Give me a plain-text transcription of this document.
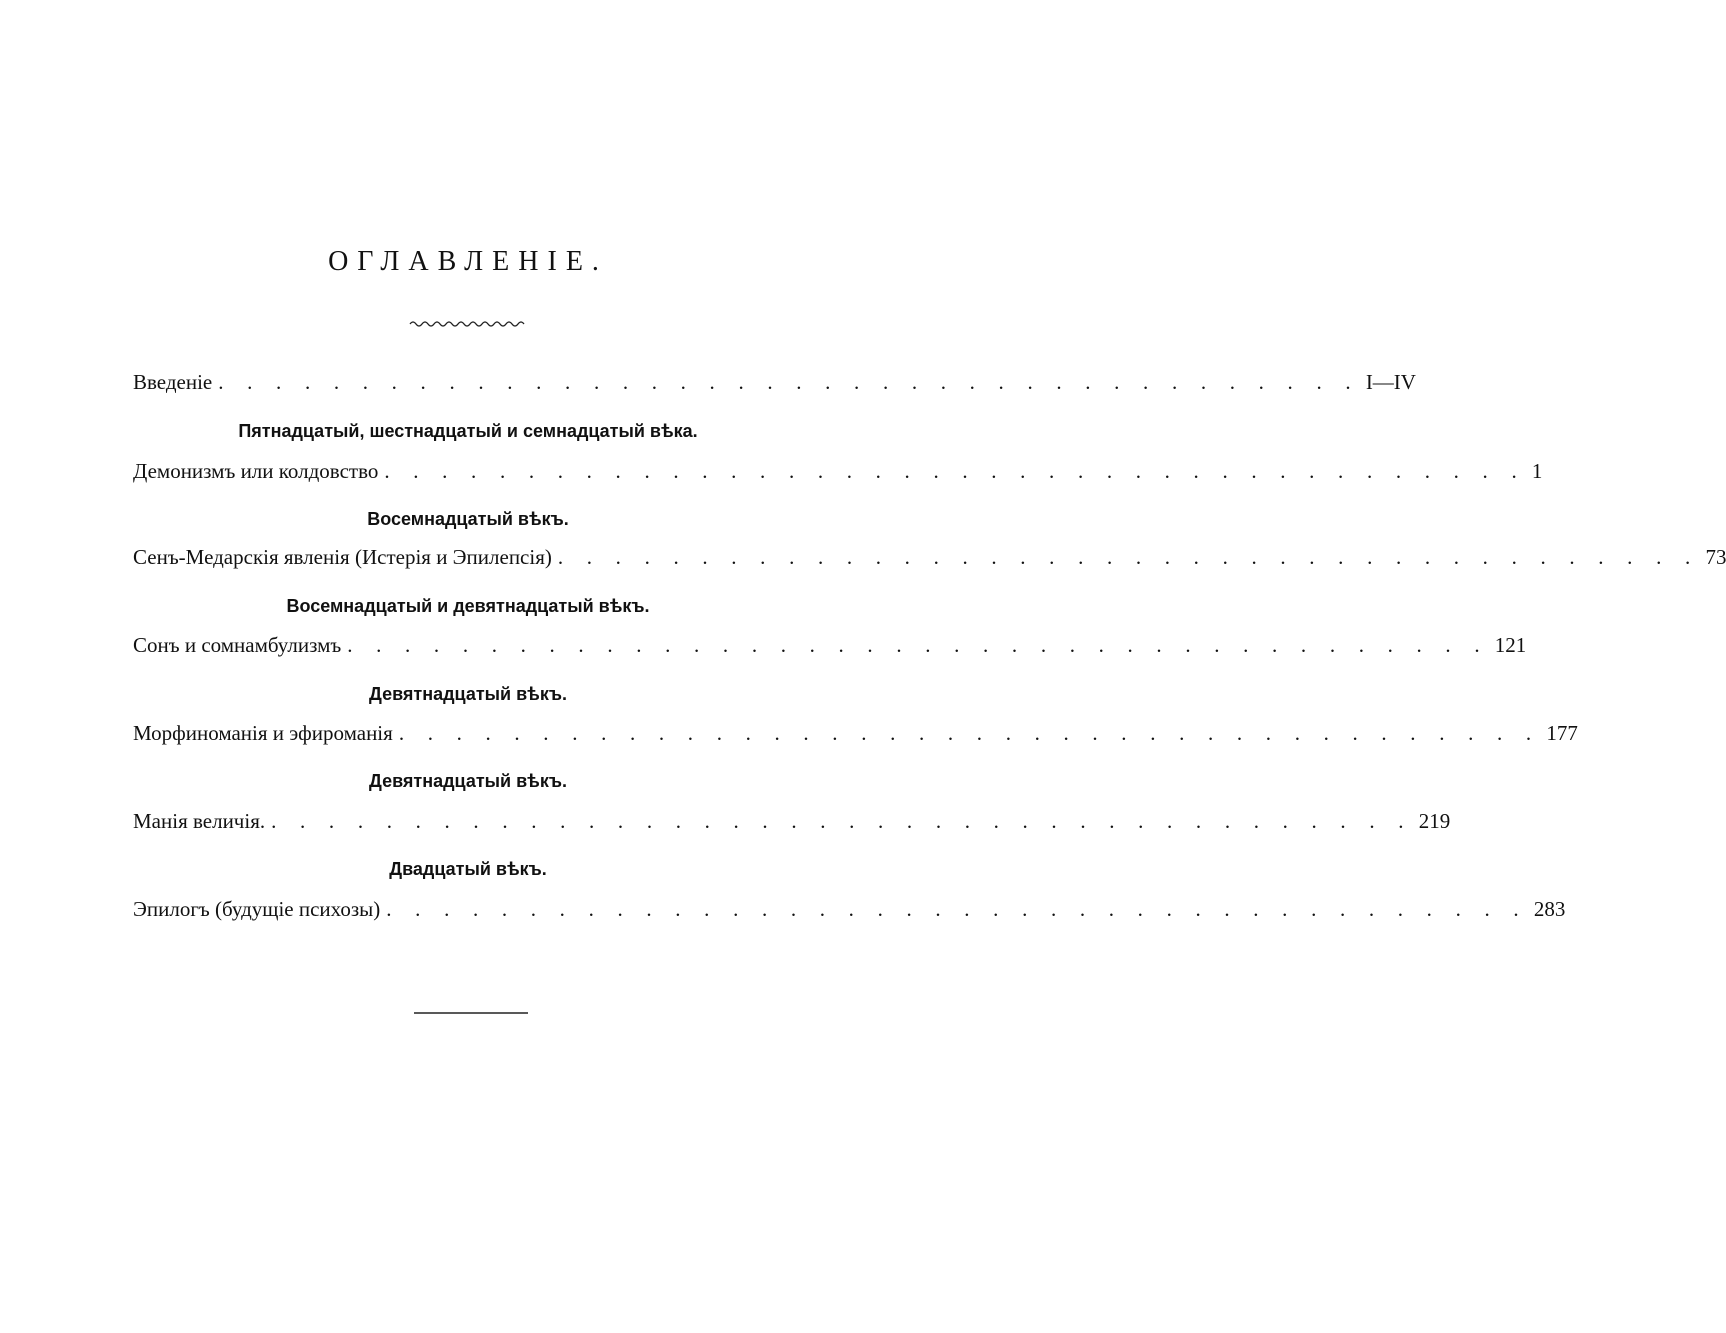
ОГЛАВЛЕНІЕ.
Введеніе . . . . . . . . . . . . . . . . . . . . . . . . . . . . . . . . . . . . . . . . I—IV
Пятнадцатый, шестнадцатый и семнадцатый вѣка.
Демонизмъ или колдовство . . . . . . . . . . . . . . . . . . . . . . . . . . . . . . . . . . . . . . . . 1
Восемнадцатый вѣкъ.
Сенъ-Медарскія явленія (Истерія и Эпилепсія) . . . . . . . . . . . . . . . . . . . . . . . . . . . . . . . . . . . . . . . . 73
Восемнадцатый и девятнадцатый вѣкъ.
Сонъ и сомнамбулизмъ . . . . . . . . . . . . . . . . . . . . . . . . . . . . . . . . . . . . . . . . 121
Девятнадцатый вѣкъ.
Морфиноманія и эфироманія . . . . . . . . . . . . . . . . . . . . . . . . . . . . . . . . . . . . . . . . 177
Девятнадцатый вѣкъ.
Манія величія. . . . . . . . . . . . . . . . . . . . . . . . . . . . . . . . . . . . . . . . . 219
Двадцатый вѣкъ.
Эпилогъ (будущіе психозы) . . . . . . . . . . . . . . . . . . . . . . . . . . . . . . . . . . . . . . . . 283
